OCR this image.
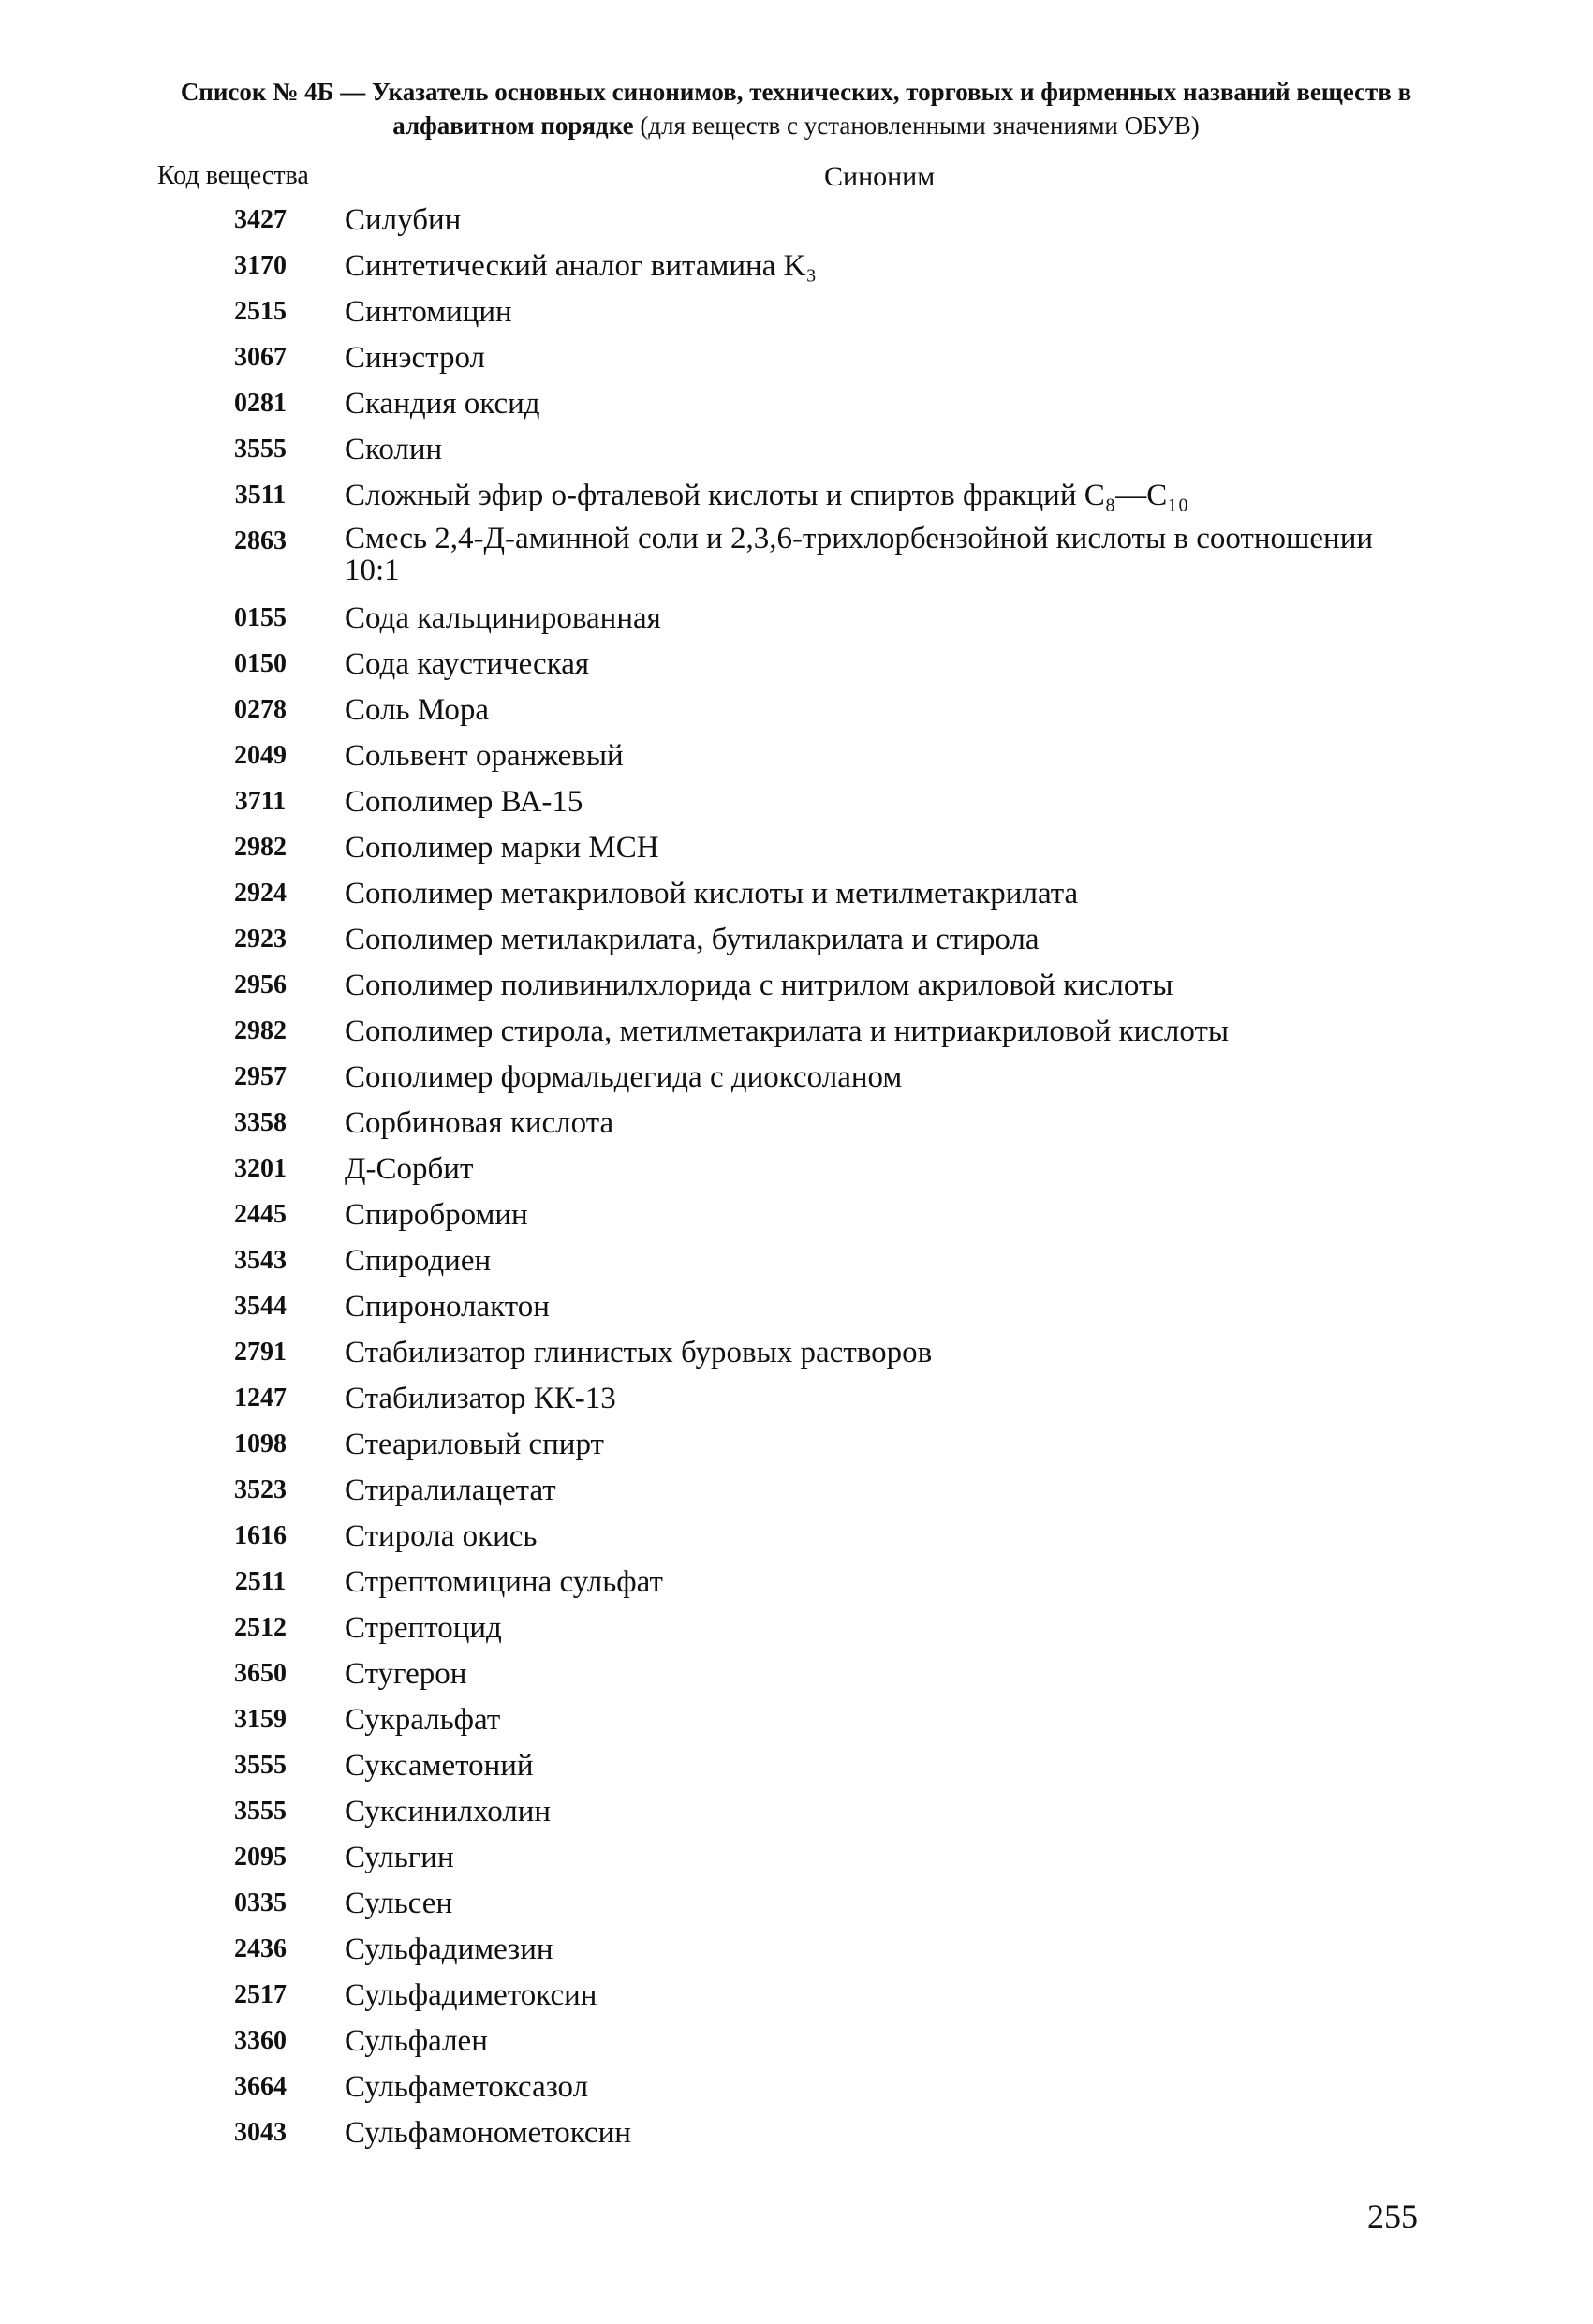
Список № 4Б — Указатель основных синонимов, технических, торговых и фирменных названий веществ в алфавитном порядке (для веществ с установленными значениями ОБУВ)
Код вещества	Синоним
3427	Силубин
3170	Синтетический аналог витамина K₃
2515	Синтомицин
3067	Синэстрол
0281	Скандия оксид
3555	Сколин
3511	Сложный эфир о-фталевой кислоты и спиртов фракций C₈—C₁₀
2863	Смесь 2,4-Д-аминной соли и 2,3,6-трихлорбензойной кислоты в соотношении 10:1
0155	Сода кальцинированная
0150	Сода каустическая
0278	Соль Мора
2049	Сольвент оранжевый
3711	Сополимер ВА-15
2982	Сополимер марки МСН
2924	Сополимер метакриловой кислоты и метилметакрилата
2923	Сополимер метилакрилата, бутилакрилата и стирола
2956	Сополимер поливинилхлорида с нитрилом акриловой кислоты
2982	Сополимер стирола, метилметакрилата и нитриакриловой кислоты
2957	Сополимер формальдегида с диоксоланом
3358	Сорбиновая кислота
3201	Д-Сорбит
2445	Спиробромин
3543	Спиродиен
3544	Спиронолактон
2791	Стабилизатор глинистых буровых растворов
1247	Стабилизатор КК-13
1098	Стеариловый спирт
3523	Стиралилацетат
1616	Стирола окись
2511	Стрептомицина сульфат
2512	Стрептоцид
3650	Стугерон
3159	Сукральфат
3555	Суксаметоний
3555	Суксинилхолин
2095	Сульгин
0335	Сульсен
2436	Сульфадимезин
2517	Сульфадиметоксин
3360	Сульфален
3664	Сульфаметоксазол
3043	Сульфамонометоксин
255
